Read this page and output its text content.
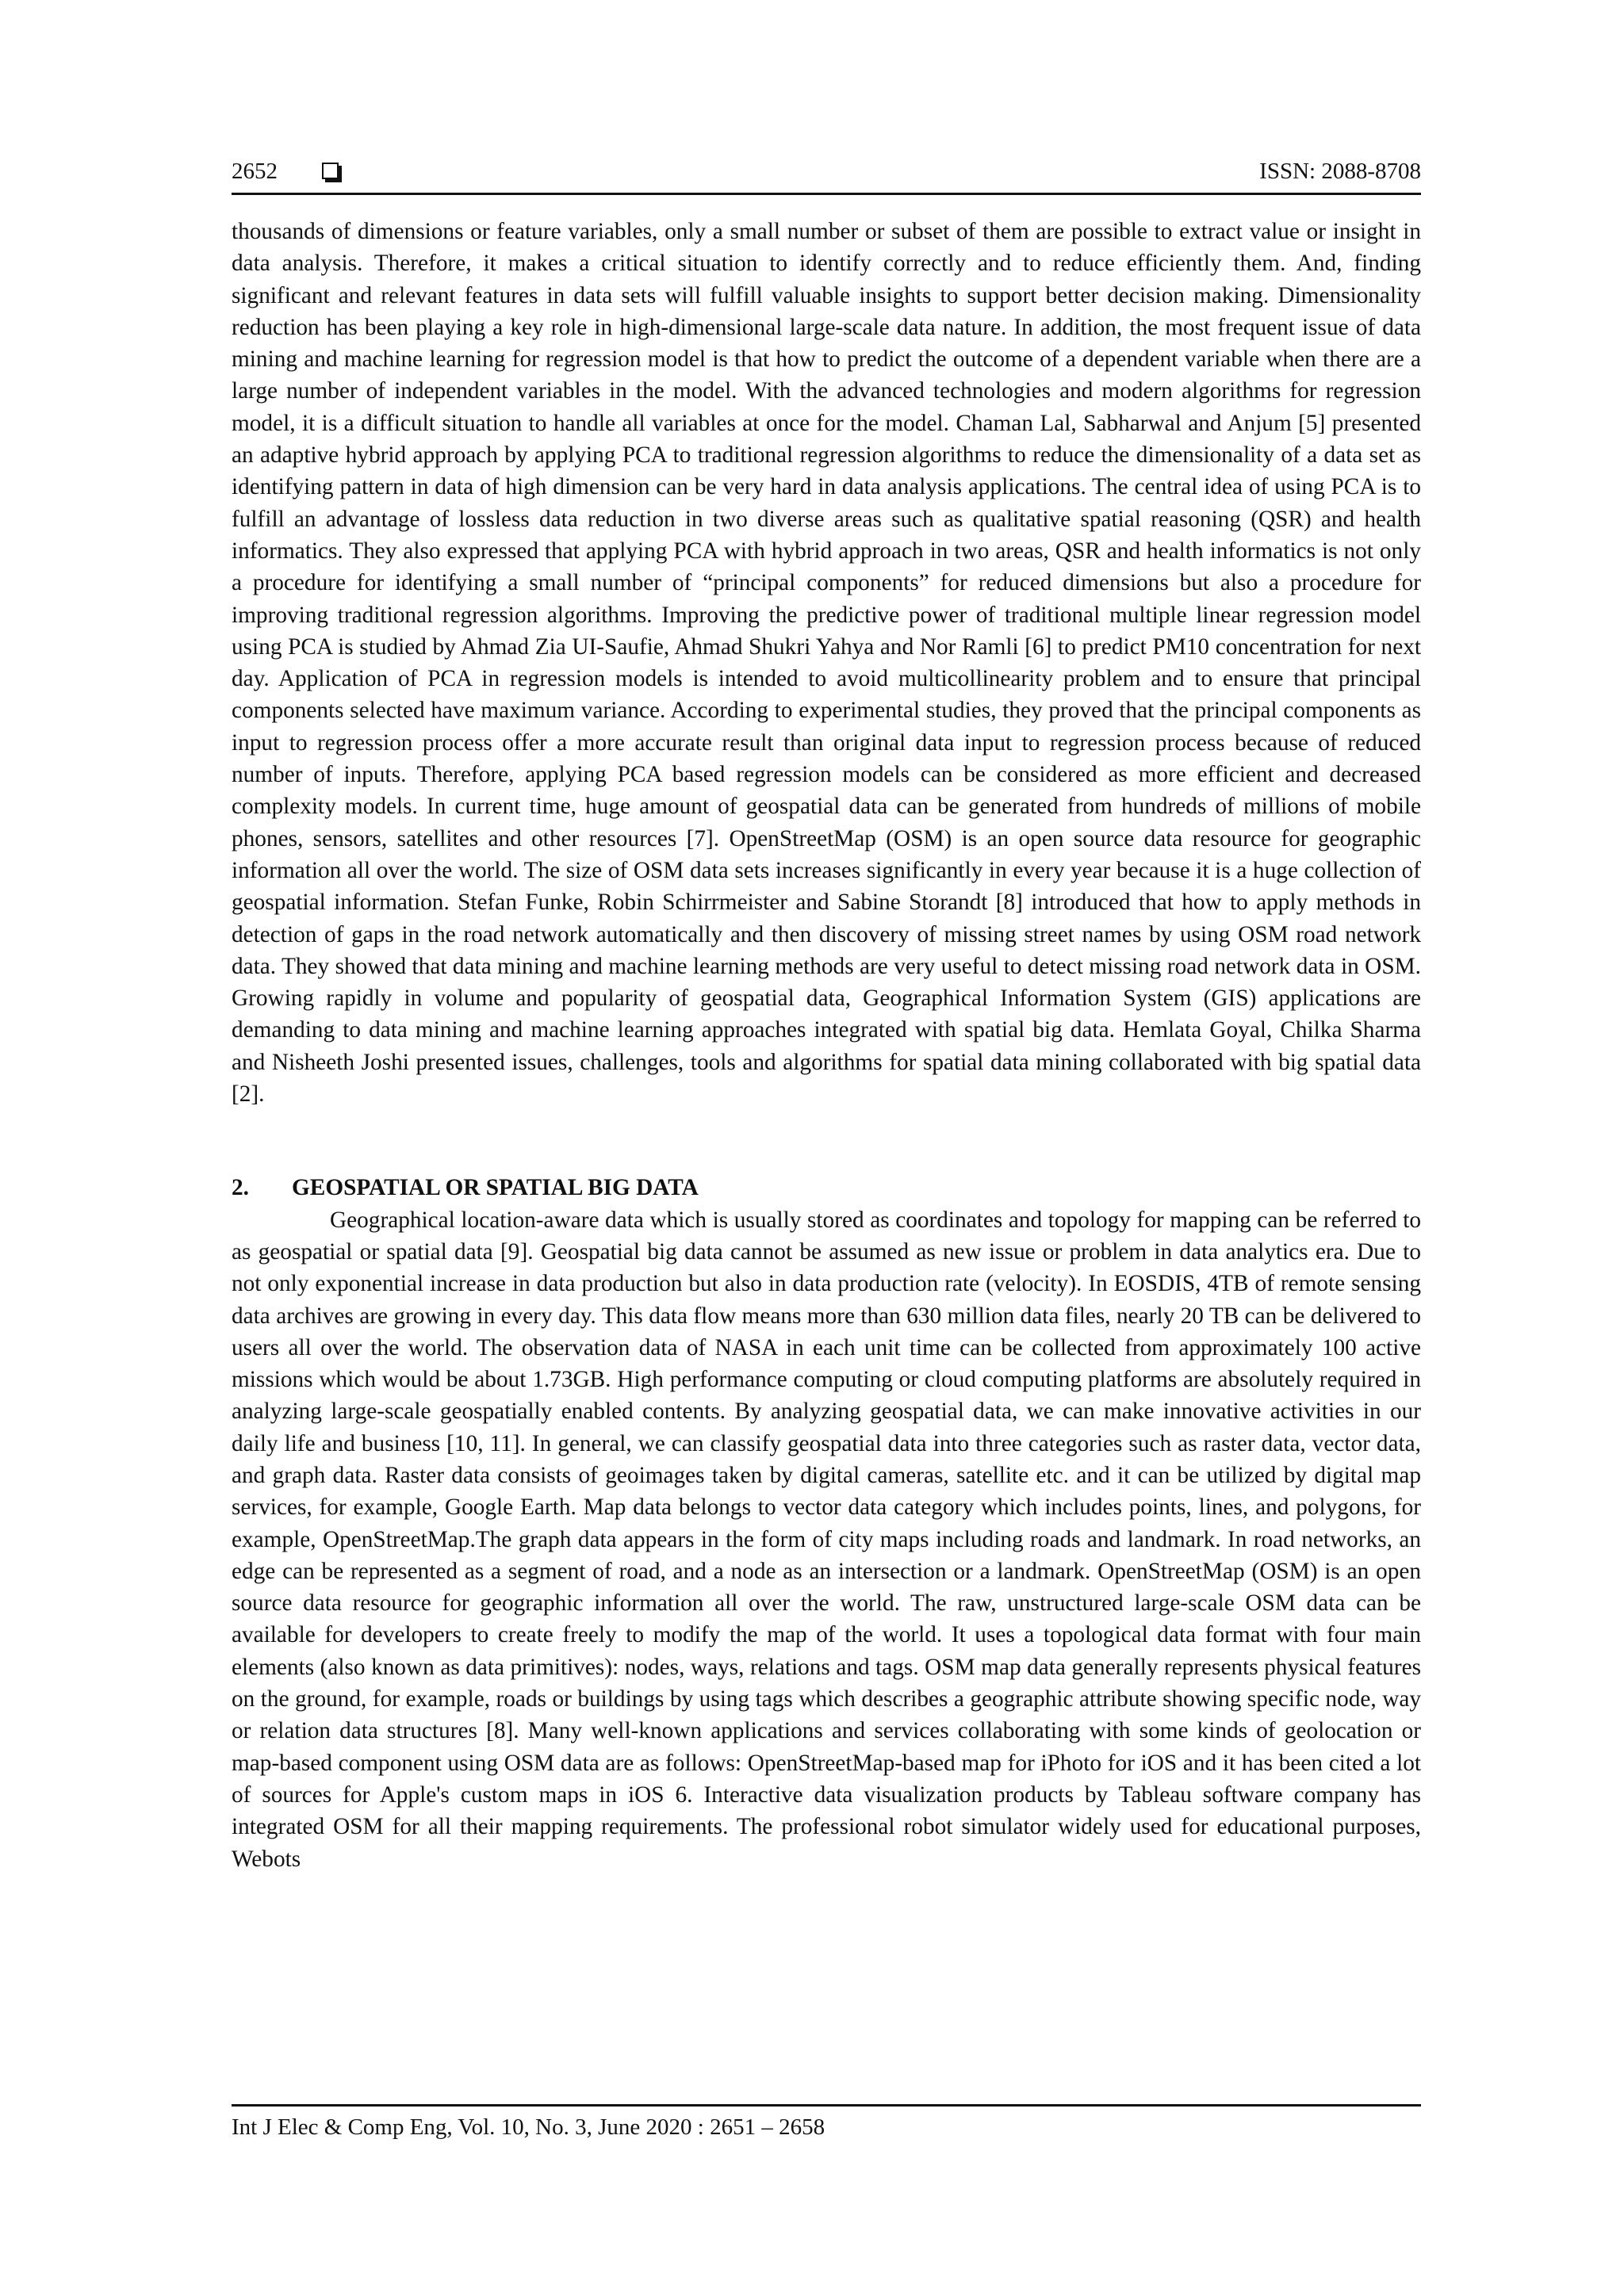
2652	ISSN: 2088-8708

thousands of dimensions or feature variables, only a small number or subset of them are possible to extract value or insight in data analysis. Therefore, it makes a critical situation to identify correctly and to reduce efficiently them. And, finding significant and relevant features in data sets will fulfill valuable insights to support better decision making. Dimensionality reduction has been playing a key role in high-dimensional large-scale data nature. In addition, the most frequent issue of data mining and machine learning for regression model is that how to predict the outcome of a dependent variable when there are a large number of independent variables in the model. With the advanced technologies and modern algorithms for regression model, it is a difficult situation to handle all variables at once for the model. Chaman Lal, Sabharwal and Anjum [5] presented an adaptive hybrid approach by applying PCA to traditional regression algorithms to reduce the dimensionality of a data set as identifying pattern in data of high dimension can be very hard in data analysis applications. The central idea of using PCA is to fulfill an advantage of lossless data reduction in two diverse areas such as qualitative spatial reasoning (QSR) and health informatics. They also expressed that applying PCA with hybrid approach in two areas, QSR and health informatics is not only a procedure for identifying a small number of “principal components” for reduced dimensions but also a procedure for improving traditional regression algorithms. Improving the predictive power of traditional multiple linear regression model using PCA is studied by Ahmad Zia UI-Saufie, Ahmad Shukri Yahya and Nor Ramli [6] to predict PM10 concentration for next day. Application of PCA in regression models is intended to avoid multicollinearity problem and to ensure that principal components selected have maximum variance. According to experimental studies, they proved that the principal components as input to regression process offer a more accurate result than original data input to regression process because of reduced number of inputs. Therefore, applying PCA based regression models can be considered as more efficient and decreased complexity models. In current time, huge amount of geospatial data can be generated from hundreds of millions of mobile phones, sensors, satellites and other resources [7]. OpenStreetMap (OSM) is an open source data resource for geographic information all over the world. The size of OSM data sets increases significantly in every year because it is a huge collection of geospatial information. Stefan Funke, Robin Schirrmeister and Sabine Storandt [8] introduced that how to apply methods in detection of gaps in the road network automatically and then discovery of missing street names by using OSM road network data. They showed that data mining and machine learning methods are very useful to detect missing road network data in OSM. Growing rapidly in volume and popularity of geospatial data, Geographical Information System (GIS) applications are demanding to data mining and machine learning approaches integrated with spatial big data. Hemlata Goyal, Chilka Sharma and Nisheeth Joshi presented issues, challenges, tools and algorithms for spatial data mining collaborated with big spatial data [2].

2. GEOSPATIAL OR SPATIAL BIG DATA

Geographical location-aware data which is usually stored as coordinates and topology for mapping can be referred to as geospatial or spatial data [9]. Geospatial big data cannot be assumed as new issue or problem in data analytics era. Due to not only exponential increase in data production but also in data production rate (velocity). In EOSDIS, 4TB of remote sensing data archives are growing in every day. This data flow means more than 630 million data files, nearly 20 TB can be delivered to users all over the world. The observation data of NASA in each unit time can be collected from approximately 100 active missions which would be about 1.73GB. High performance computing or cloud computing platforms are absolutely required in analyzing large-scale geospatially enabled contents. By analyzing geospatial data, we can make innovative activities in our daily life and business [10, 11]. In general, we can classify geospatial data into three categories such as raster data, vector data, and graph data. Raster data consists of geoimages taken by digital cameras, satellite etc. and it can be utilized by digital map services, for example, Google Earth. Map data belongs to vector data category which includes points, lines, and polygons, for example, OpenStreetMap.The graph data appears in the form of city maps including roads and landmark. In road networks, an edge can be represented as a segment of road, and a node as an intersection or a landmark. OpenStreetMap (OSM) is an open source data resource for geographic information all over the world. The raw, unstructured large-scale OSM data can be available for developers to create freely to modify the map of the world. It uses a topological data format with four main elements (also known as data primitives): nodes, ways, relations and tags. OSM map data generally represents physical features on the ground, for example, roads or buildings by using tags which describes a geographic attribute showing specific node, way or relation data structures [8]. Many well-known applications and services collaborating with some kinds of geolocation or map-based component using OSM data are as follows: OpenStreetMap-based map for iPhoto for iOS and it has been cited a lot of sources for Apple's custom maps in iOS 6. Interactive data visualization products by Tableau software company has integrated OSM for all their mapping requirements. The professional robot simulator widely used for educational purposes, Webots

Int J Elec & Comp Eng, Vol. 10, No. 3, June 2020 : 2651 – 2658
